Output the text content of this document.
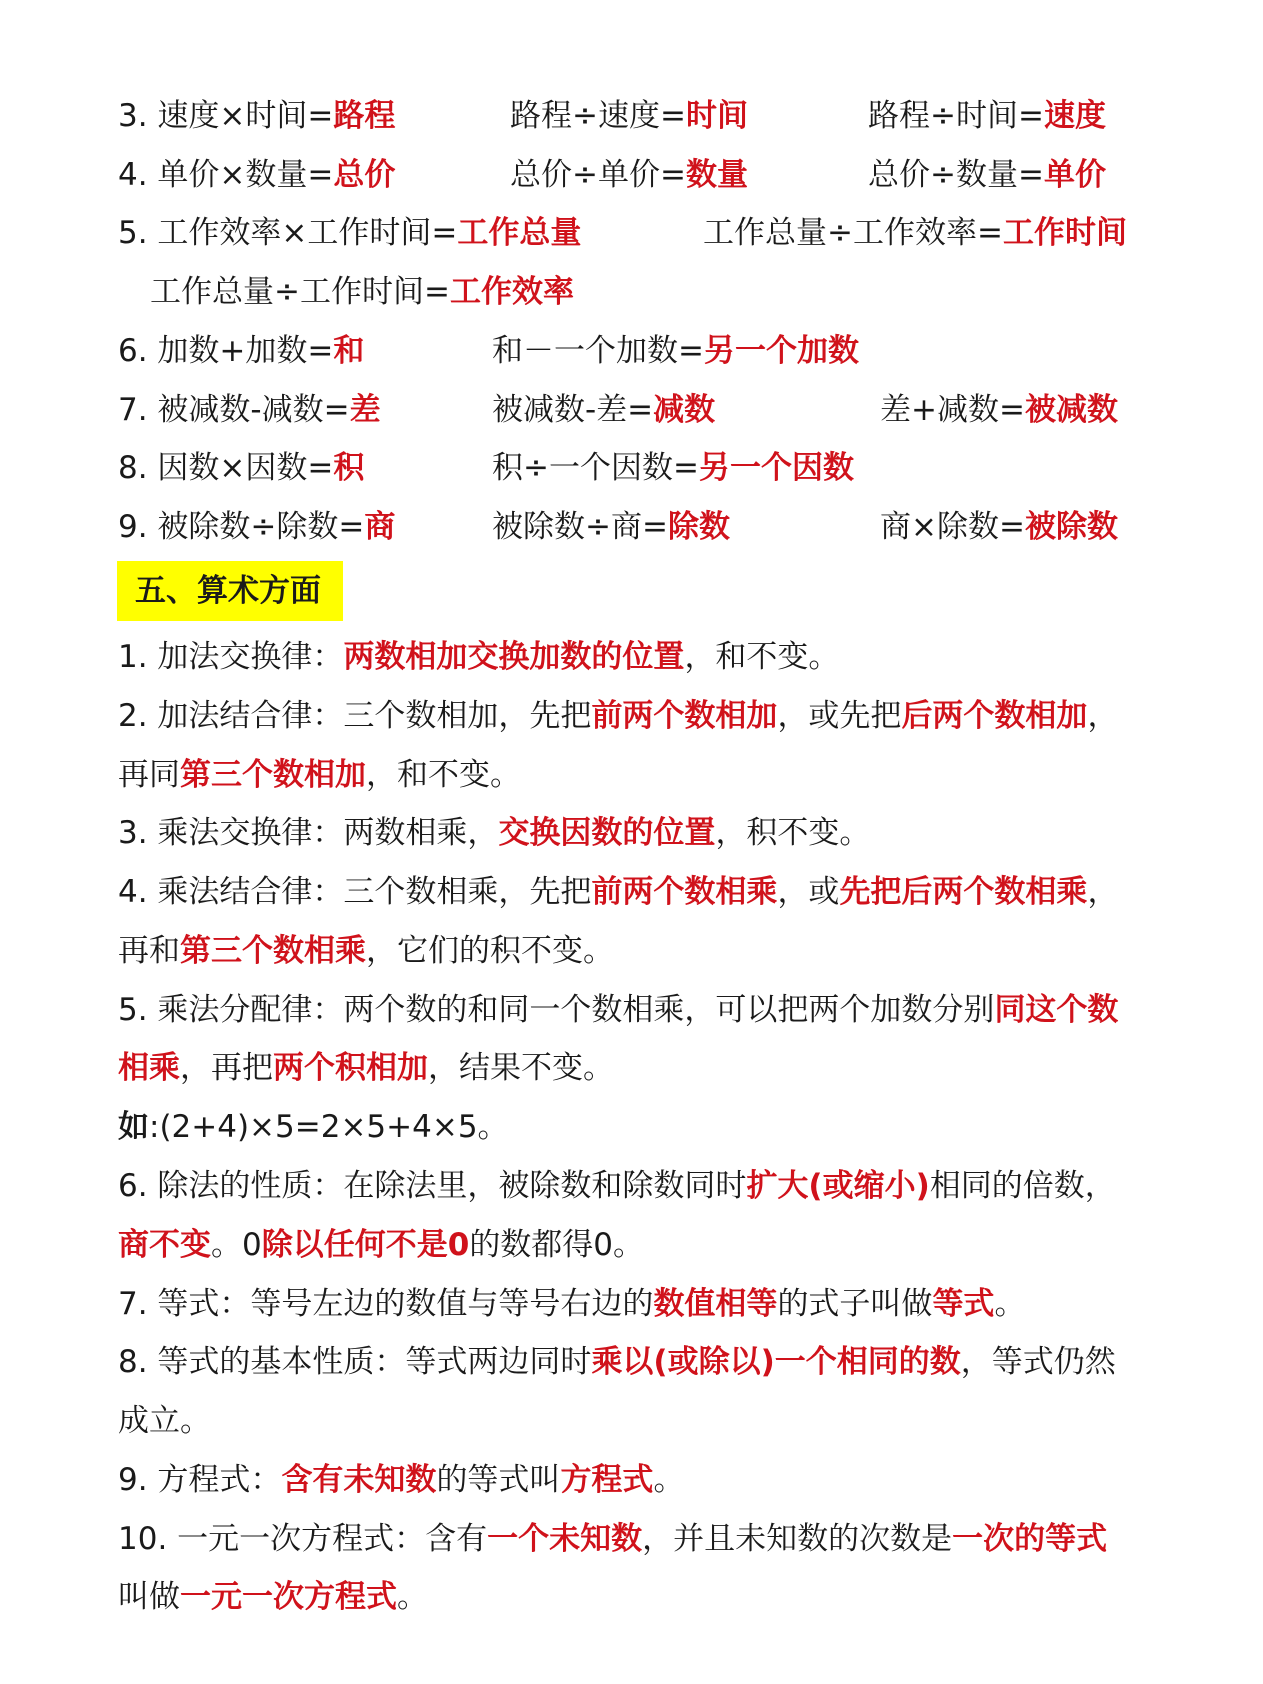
3. 速度×时间=路程	路程÷速度=时间	路程÷时间=速度
4. 单价×数量=总价	总价÷单价=数量	总价÷数量=单价
5. 工作效率×工作时间=工作总量	工作总量÷工作效率=工作时间
工作总量÷工作时间=工作效率
6. 加数+加数=和	和－一个加数=另一个加数
7. 被减数-减数=差	被减数-差=减数	差+减数=被减数
8. 因数×因数=积	积÷一个因数=另一个因数
9. 被除数÷除数=商	被除数÷商=除数	商×除数=被除数
五、算术方面
1. 加法交换律：两数相加交换加数的位置，和不变。
2. 加法结合律：三个数相加，先把前两个数相加，或先把后两个数相加，
再同第三个数相加，和不变。
3. 乘法交换律：两数相乘，交换因数的位置，积不变。
4. 乘法结合律：三个数相乘，先把前两个数相乘，或先把后两个数相乘，
再和第三个数相乘，它们的积不变。
5. 乘法分配律：两个数的和同一个数相乘，可以把两个加数分别同这个数
相乘，再把两个积相加，结果不变。
如:(2+4)×5=2×5+4×5。
6. 除法的性质：在除法里，被除数和除数同时扩大(或缩小)相同的倍数，
商不变。0除以任何不是0的数都得0。
7. 等式：等号左边的数值与等号右边的数值相等的式子叫做等式。
8. 等式的基本性质：等式两边同时乘以(或除以)一个相同的数，等式仍然
成立。
9. 方程式：含有未知数的等式叫方程式。
10. 一元一次方程式：含有一个未知数，并且未知数的次数是一次的等式
叫做一元一次方程式。
